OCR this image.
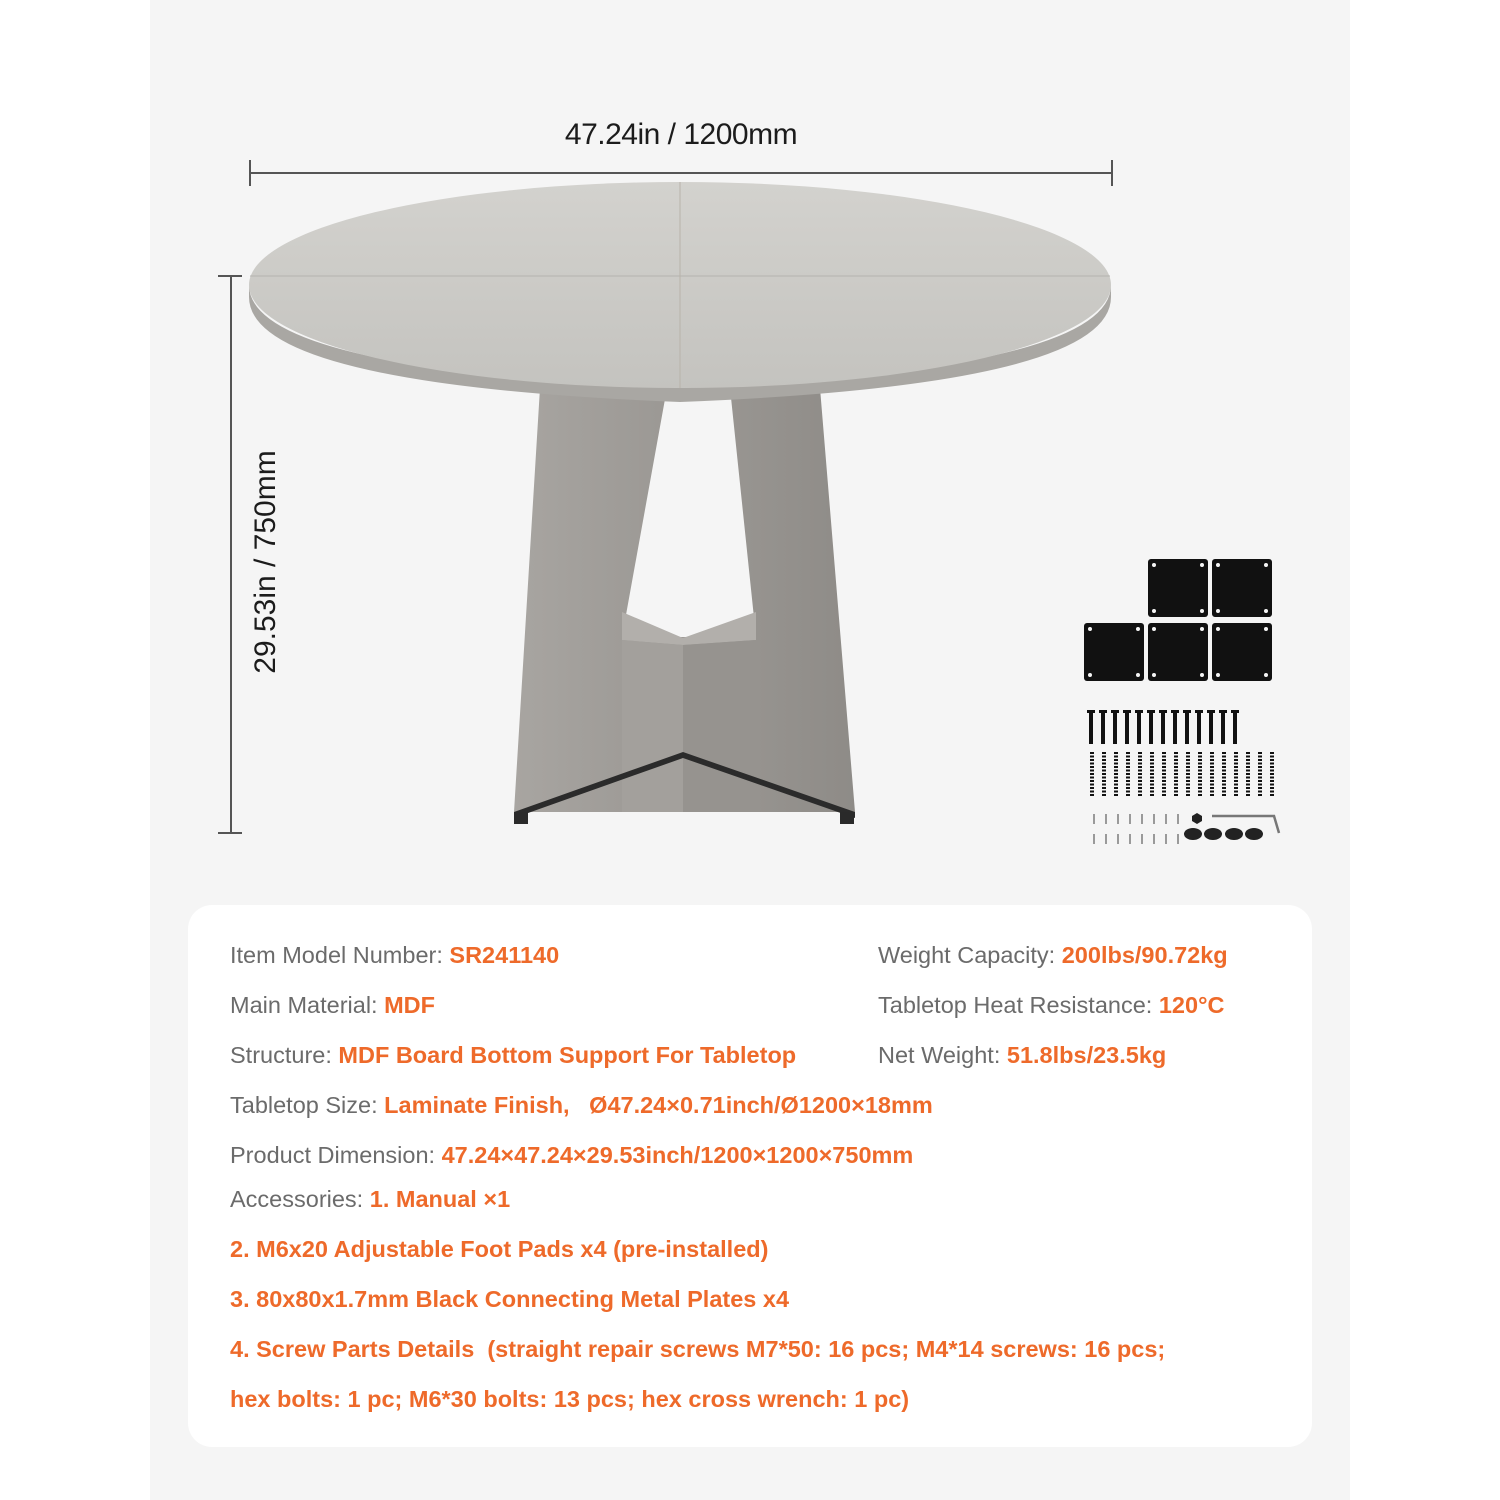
47.24in / 1200mm
29.53in / 750mm
Item Model Number: SR241140
Main Material: MDF
Structure: MDF Board Bottom Support For Tabletop
Weight Capacity: 200lbs/90.72kg
Tabletop Heat Resistance: 120°C
Net Weight: 51.8lbs/23.5kg
Tabletop Size: Laminate Finish,   Ø47.24×0.71inch/Ø1200×18mm
Product Dimension: 47.24×47.24×29.53inch/1200×1200×750mm
Accessories: 1. Manual ×1
2. M6x20 Adjustable Foot Pads x4 (pre-installed)
3. 80x80x1.7mm Black Connecting Metal Plates x4
4. Screw Parts Details  (straight repair screws M7*50: 16 pcs; M4*14 screws: 16 pcs;
hex bolts: 1 pc; M6*30 bolts: 13 pcs; hex cross wrench: 1 pc)
